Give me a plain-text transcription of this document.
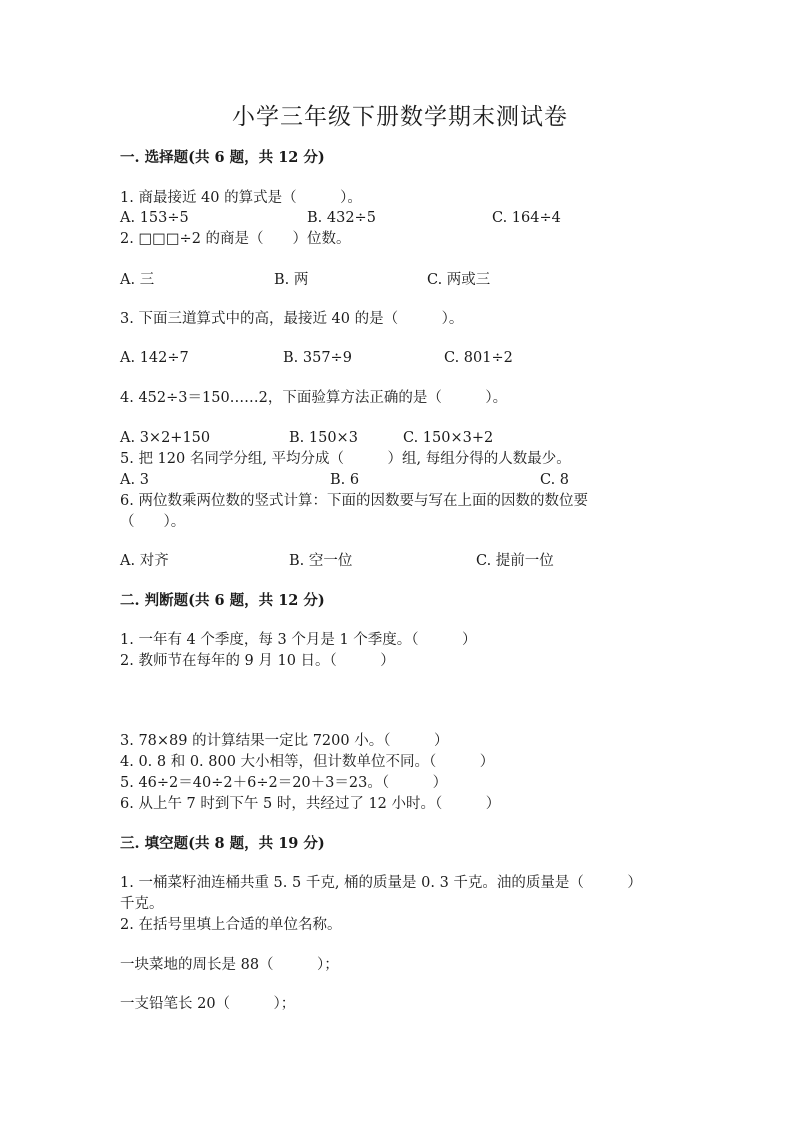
小学三年级下册数学期末测试卷
一. 选择题(共 6 题，共 12 分)
1. 商最接近 40 的算式是（　　　）。
A. 153÷5	B. 432÷5	C. 164÷4
2. □□□÷2 的商是（　　）位数。
A. 三	B. 两	C. 两或三
3. 下面三道算式中的高，最接近 40 的是（　　　）。
A. 142÷7	B. 357÷9	C. 801÷2
4. 452÷3＝150……2，下面验算方法正确的是（　　　）。
A. 3×2+150	B. 150×3	C. 150×3+2
5. 把 120 名同学分组, 平均分成（　　　）组, 每组分得的人数最少。
A. 3	B. 6	C. 8
6. 两位数乘两位数的竖式计算：下面的因数要与写在上面的因数的数位要
（　　）。
A. 对齐	B. 空一位	C. 提前一位
二. 判断题(共 6 题，共 12 分)
1. 一年有 4 个季度，每 3 个月是 1 个季度。（　　　）
2. 教师节在每年的 9 月 10 日。（　　　）
3. 78×89 的计算结果一定比 7200 小。（　　　）
4. 0. 8 和 0. 800 大小相等，但计数单位不同。（　　　）
5. 46÷2＝40÷2＋6÷2＝20＋3＝23。（　　　）
6. 从上午 7 时到下午 5 时，共经过了 12 小时。（　　　）
三. 填空题(共 8 题，共 19 分)
1. 一桶菜籽油连桶共重 5. 5 千克, 桶的质量是 0. 3 千克。油的质量是（　　　）
千克。
2. 在括号里填上合适的单位名称。
一块菜地的周长是 88（　　　）；
一支铅笔长 20（　　　）；
